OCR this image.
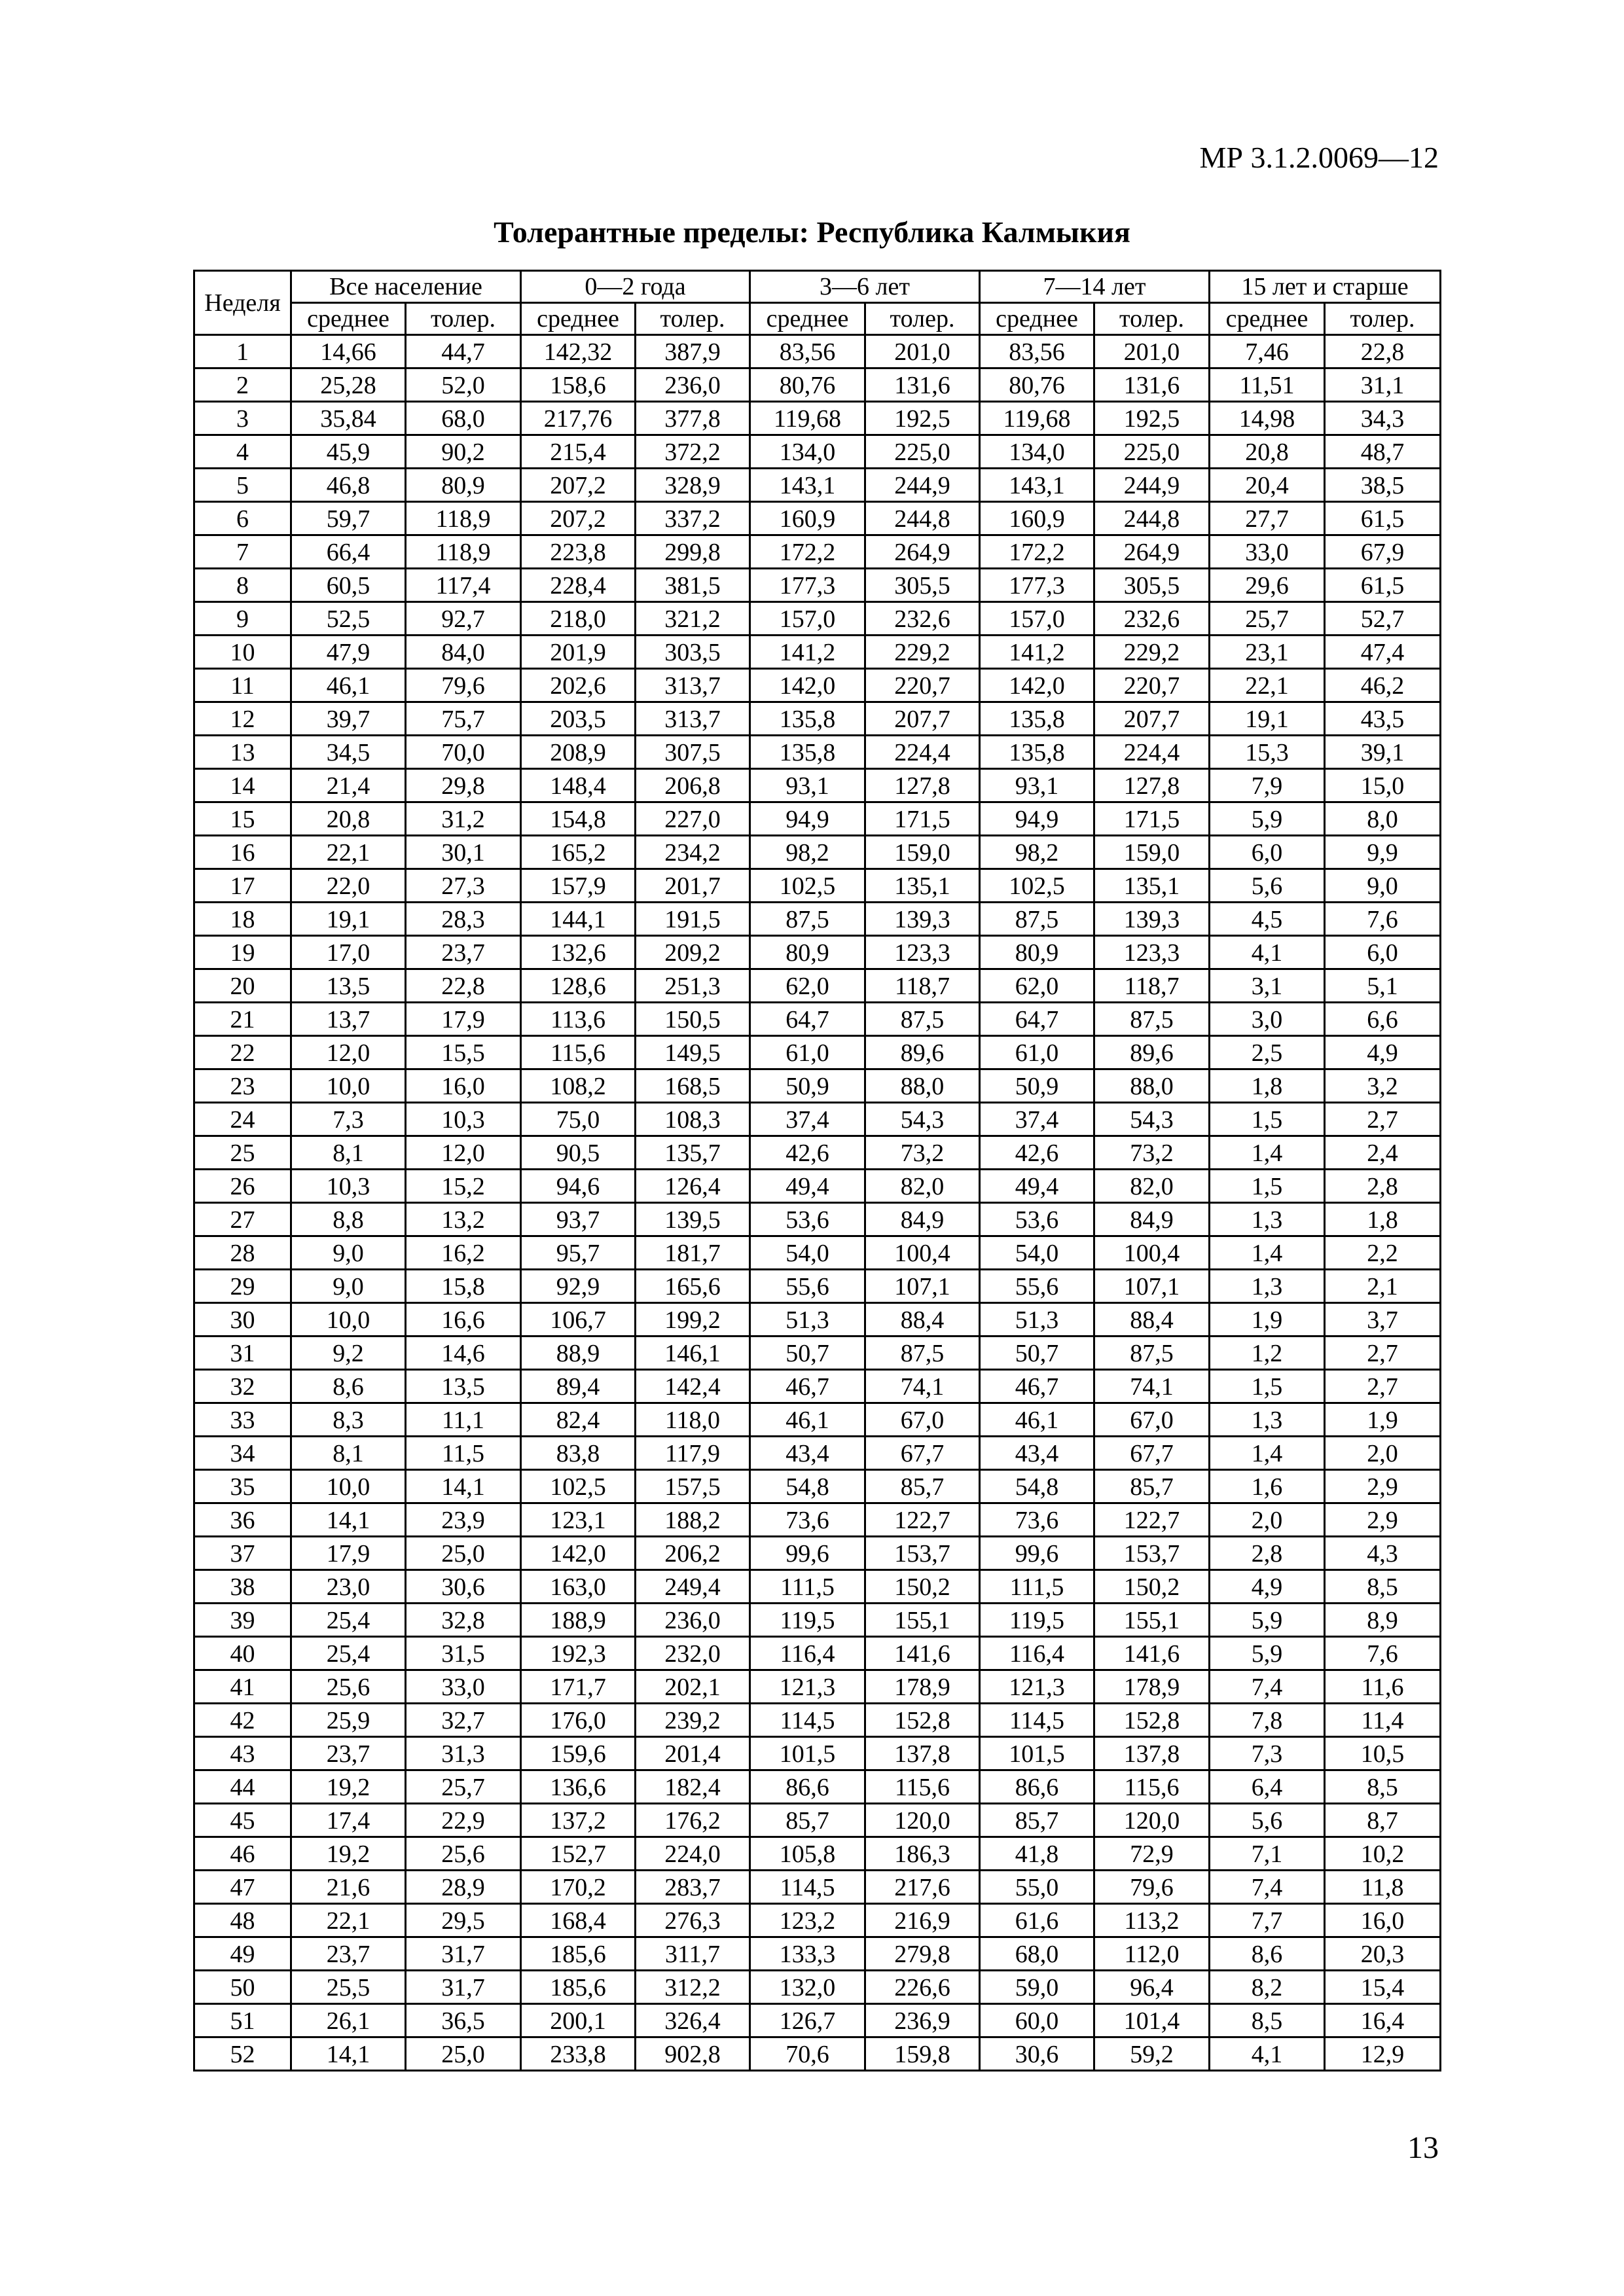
МР 3.1.2.0069—12
Толерантные пределы: Республика Калмыкия
Неделя	Все население		0—2 года		3—6 лет		7—14 лет		15 лет и старше	
	среднее	толер.	среднее	толер.	среднее	толер.	среднее	толер.	среднее	толер.
1	14,66	44,7	142,32	387,9	83,56	201,0	83,56	201,0	7,46	22,8
2	25,28	52,0	158,6	236,0	80,76	131,6	80,76	131,6	11,51	31,1
3	35,84	68,0	217,76	377,8	119,68	192,5	119,68	192,5	14,98	34,3
4	45,9	90,2	215,4	372,2	134,0	225,0	134,0	225,0	20,8	48,7
5	46,8	80,9	207,2	328,9	143,1	244,9	143,1	244,9	20,4	38,5
6	59,7	118,9	207,2	337,2	160,9	244,8	160,9	244,8	27,7	61,5
7	66,4	118,9	223,8	299,8	172,2	264,9	172,2	264,9	33,0	67,9
8	60,5	117,4	228,4	381,5	177,3	305,5	177,3	305,5	29,6	61,5
9	52,5	92,7	218,0	321,2	157,0	232,6	157,0	232,6	25,7	52,7
10	47,9	84,0	201,9	303,5	141,2	229,2	141,2	229,2	23,1	47,4
11	46,1	79,6	202,6	313,7	142,0	220,7	142,0	220,7	22,1	46,2
12	39,7	75,7	203,5	313,7	135,8	207,7	135,8	207,7	19,1	43,5
13	34,5	70,0	208,9	307,5	135,8	224,4	135,8	224,4	15,3	39,1
14	21,4	29,8	148,4	206,8	93,1	127,8	93,1	127,8	7,9	15,0
15	20,8	31,2	154,8	227,0	94,9	171,5	94,9	171,5	5,9	8,0
16	22,1	30,1	165,2	234,2	98,2	159,0	98,2	159,0	6,0	9,9
17	22,0	27,3	157,9	201,7	102,5	135,1	102,5	135,1	5,6	9,0
18	19,1	28,3	144,1	191,5	87,5	139,3	87,5	139,3	4,5	7,6
19	17,0	23,7	132,6	209,2	80,9	123,3	80,9	123,3	4,1	6,0
20	13,5	22,8	128,6	251,3	62,0	118,7	62,0	118,7	3,1	5,1
21	13,7	17,9	113,6	150,5	64,7	87,5	64,7	87,5	3,0	6,6
22	12,0	15,5	115,6	149,5	61,0	89,6	61,0	89,6	2,5	4,9
23	10,0	16,0	108,2	168,5	50,9	88,0	50,9	88,0	1,8	3,2
24	7,3	10,3	75,0	108,3	37,4	54,3	37,4	54,3	1,5	2,7
25	8,1	12,0	90,5	135,7	42,6	73,2	42,6	73,2	1,4	2,4
26	10,3	15,2	94,6	126,4	49,4	82,0	49,4	82,0	1,5	2,8
27	8,8	13,2	93,7	139,5	53,6	84,9	53,6	84,9	1,3	1,8
28	9,0	16,2	95,7	181,7	54,0	100,4	54,0	100,4	1,4	2,2
29	9,0	15,8	92,9	165,6	55,6	107,1	55,6	107,1	1,3	2,1
30	10,0	16,6	106,7	199,2	51,3	88,4	51,3	88,4	1,9	3,7
31	9,2	14,6	88,9	146,1	50,7	87,5	50,7	87,5	1,2	2,7
32	8,6	13,5	89,4	142,4	46,7	74,1	46,7	74,1	1,5	2,7
33	8,3	11,1	82,4	118,0	46,1	67,0	46,1	67,0	1,3	1,9
34	8,1	11,5	83,8	117,9	43,4	67,7	43,4	67,7	1,4	2,0
35	10,0	14,1	102,5	157,5	54,8	85,7	54,8	85,7	1,6	2,9
36	14,1	23,9	123,1	188,2	73,6	122,7	73,6	122,7	2,0	2,9
37	17,9	25,0	142,0	206,2	99,6	153,7	99,6	153,7	2,8	4,3
38	23,0	30,6	163,0	249,4	111,5	150,2	111,5	150,2	4,9	8,5
39	25,4	32,8	188,9	236,0	119,5	155,1	119,5	155,1	5,9	8,9
40	25,4	31,5	192,3	232,0	116,4	141,6	116,4	141,6	5,9	7,6
41	25,6	33,0	171,7	202,1	121,3	178,9	121,3	178,9	7,4	11,6
42	25,9	32,7	176,0	239,2	114,5	152,8	114,5	152,8	7,8	11,4
43	23,7	31,3	159,6	201,4	101,5	137,8	101,5	137,8	7,3	10,5
44	19,2	25,7	136,6	182,4	86,6	115,6	86,6	115,6	6,4	8,5
45	17,4	22,9	137,2	176,2	85,7	120,0	85,7	120,0	5,6	8,7
46	19,2	25,6	152,7	224,0	105,8	186,3	41,8	72,9	7,1	10,2
47	21,6	28,9	170,2	283,7	114,5	217,6	55,0	79,6	7,4	11,8
48	22,1	29,5	168,4	276,3	123,2	216,9	61,6	113,2	7,7	16,0
49	23,7	31,7	185,6	311,7	133,3	279,8	68,0	112,0	8,6	20,3
50	25,5	31,7	185,6	312,2	132,0	226,6	59,0	96,4	8,2	15,4
51	26,1	36,5	200,1	326,4	126,7	236,9	60,0	101,4	8,5	16,4
52	14,1	25,0	233,8	902,8	70,6	159,8	30,6	59,2	4,1	12,9
13
